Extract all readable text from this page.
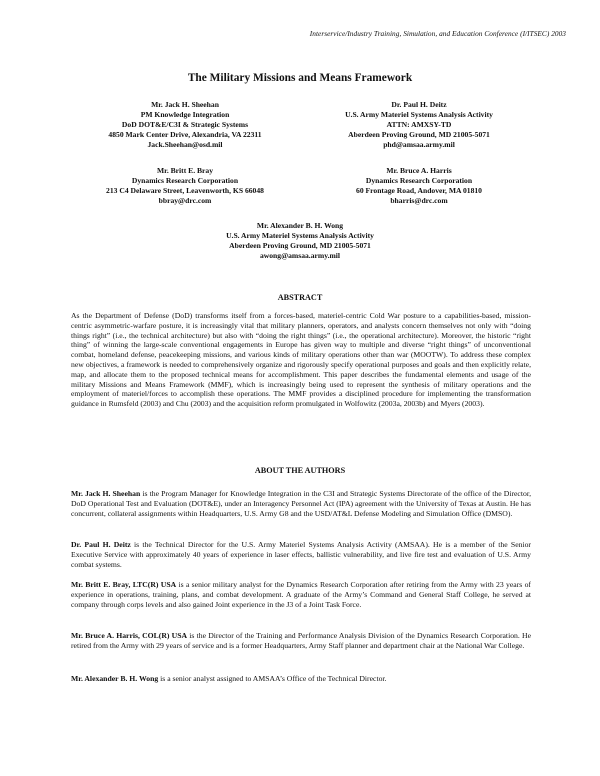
Interservice/Industry Training, Simulation, and Education Conference (I/ITSEC) 2003
The Military Missions and Means Framework
Mr. Jack H. Sheehan
PM Knowledge Integration
DoD DOT&E/C3I & Strategic Systems
4850 Mark Center Drive, Alexandria, VA 22311
Jack.Sheehan@osd.mil
Dr. Paul H. Deitz
U.S. Army Materiel Systems Analysis Activity
ATTN: AMXSY-TD
Aberdeen Proving Ground, MD 21005-5071
phd@amsaa.army.mil
Mr. Britt E. Bray
Dynamics Research Corporation
213 C4 Delaware Street, Leavenworth, KS 66048
bbray@drc.com
Mr. Bruce A. Harris
Dynamics Research Corporation
60 Frontage Road, Andover, MA 01810
bharris@drc.com
Mr. Alexander B. H. Wong
U.S. Army Materiel Systems Analysis Activity
Aberdeen Proving Ground, MD 21005-5071
awong@amsaa.army.mil
ABSTRACT
As the Department of Defense (DoD) transforms itself from a forces-based, materiel-centric Cold War posture to a capabilities-based, mission-centric asymmetric-warfare posture, it is increasingly vital that military planners, operators, and analysts concern themselves not only with “doing things right” (i.e., the technical architecture) but also with “doing the right things” (i.e., the operational architecture). Moreover, the historic “right thing” of winning the large-scale conventional engagements in Europe has given way to multiple and diverse “right things” of unconventional combat, homeland defense, peacekeeping missions, and various kinds of military operations other than war (MOOTW). To address these complex new objectives, a framework is needed to comprehensively organize and rigorously specify operational purposes and goals and then explicitly relate, map, and allocate them to the proposed technical means for accomplishment. This paper describes the fundamental elements and usage of the military Missions and Means Framework (MMF), which is increasingly being used to represent the synthesis of military operations and the employment of materiel/forces to accomplish these operations. The MMF provides a disciplined procedure for implementing the transformation guidance in Rumsfeld (2003) and Chu (2003) and the acquisition reform promulgated in Wolfowitz (2003a, 2003b) and Myers (2003).
ABOUT THE AUTHORS
Mr. Jack H. Sheehan is the Program Manager for Knowledge Integration in the C3I and Strategic Systems Directorate of the office of the Director, DoD Operational Test and Evaluation (DOT&E), under an Interagency Personnel Act (IPA) agreement with the University of Texas at Austin. He has concurrent, collateral assignments within Headquarters, U.S. Army G8 and the USD/AT&L Defense Modeling and Simulation Office (DMSO).
Dr. Paul H. Deitz is the Technical Director for the U.S. Army Materiel Systems Analysis Activity (AMSAA). He is a member of the Senior Executive Service with approximately 40 years of experience in laser effects, ballistic vulnerability, and live fire test and evaluation of U.S. Army combat systems.
Mr. Britt E. Bray, LTC(R) USA is a senior military analyst for the Dynamics Research Corporation after retiring from the Army with 23 years of experience in operations, training, plans, and combat development. A graduate of the Army’s Command and General Staff College, he served at company through corps levels and also gained Joint experience in the J3 of a Joint Task Force.
Mr. Bruce A. Harris, COL(R) USA is the Director of the Training and Performance Analysis Division of the Dynamics Research Corporation. He retired from the Army with 29 years of service and is a former Headquarters, Army Staff planner and department chair at the National War College.
Mr. Alexander B. H. Wong is a senior analyst assigned to AMSAA’s Office of the Technical Director.
